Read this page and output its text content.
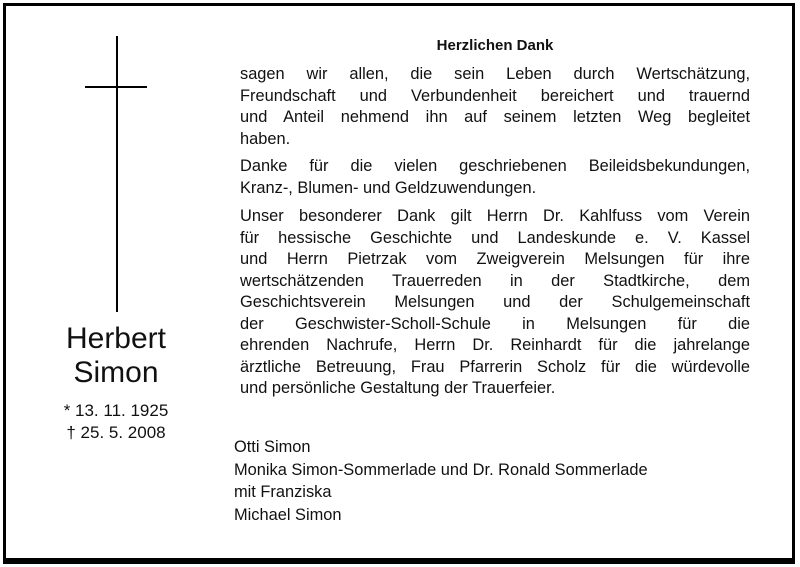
Herbert
Simon
* 13. 11. 1925
† 25. 5. 2008
Herzlichen Dank
sagen wir allen, die sein Leben durch Wertschätzung,
Freundschaft und Verbundenheit bereichert und trauernd
und Anteil nehmend ihn auf seinem letzten Weg begleitet
haben.
Danke für die vielen geschriebenen Beileidsbekundungen,
Kranz-, Blumen- und Geldzuwendungen.
Unser besonderer Dank gilt Herrn Dr. Kahlfuss vom Verein
für hessische Geschichte und Landeskunde e. V. Kassel
und Herrn Pietrzak vom Zweigverein Melsungen für ihre
wertschätzenden Trauerreden in der Stadtkirche, dem
Geschichtsverein Melsungen und der Schulgemeinschaft
der Geschwister-Scholl-Schule in Melsungen für die
ehrenden Nachrufe, Herrn Dr. Reinhardt für die jahrelange
ärztliche Betreuung, Frau Pfarrerin Scholz für die würdevolle
und persönliche Gestaltung der Trauerfeier.
Otti Simon
Monika Simon-Sommerlade und Dr. Ronald Sommerlade
mit Franziska
Michael Simon
